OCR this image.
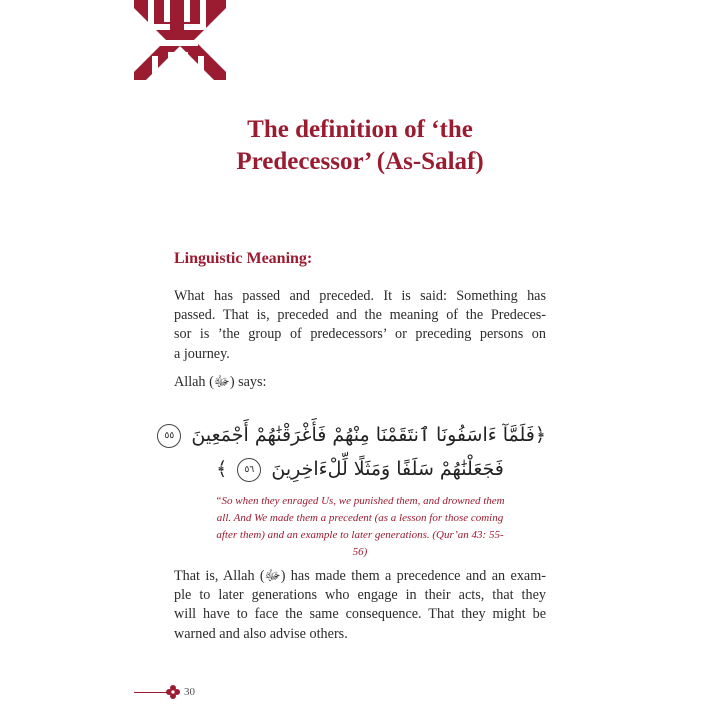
The definition of ‘the
Predecessor’ (As-Salaf)
Linguistic Meaning:
What has passed and preceded. It is said: Something has
passed. That is, preceded and the meaning of the Predeces-
sor is ’the group of predecessors’ or preceding persons on
a journey.
Allah (ﷻ) says:
﴿فَلَمَّآ ءَاسَفُونَا ٱنتَقَمْنَا مِنْهُمْ فَأَغْرَقْنَٰهُمْ أَجْمَعِينَ ٥٥
فَجَعَلْنَٰهُمْ سَلَفًا وَمَثَلًا لِّلْءَاخِرِينَ ٥٦ ﴾
“So when they enraged Us, we punished them, and drowned them
all. And We made them a precedent (as a lesson for those coming
after them) and an example to later generations. (Qur’an 43: 55-
56)
That is, Allah (ﷻ) has made them a precedence and an exam-
ple to later generations who engage in their acts, that they
will have to face the same consequence. That they might be
warned and also advise others.
30
